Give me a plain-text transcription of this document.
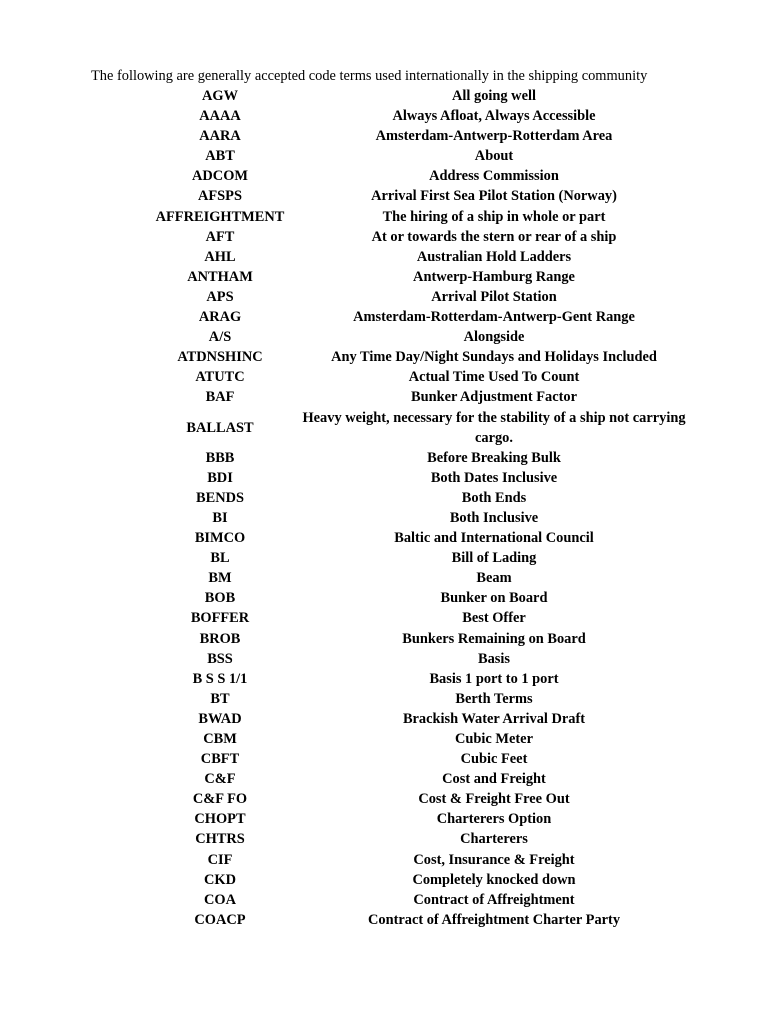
The following are generally accepted code terms used internationally in the shipping community
AGW	All going well
AAAA	Always Afloat, Always Accessible
AARA	Amsterdam-Antwerp-Rotterdam Area
ABT	About
ADCOM	Address Commission
AFSPS	Arrival First Sea Pilot Station (Norway)
AFFREIGHTMENT	The hiring of a ship in whole or part
AFT	At or towards the stern or rear of a ship
AHL	Australian Hold Ladders
ANTHAM	Antwerp-Hamburg Range
APS	Arrival Pilot Station
ARAG	Amsterdam-Rotterdam-Antwerp-Gent Range
A/S	Alongside
ATDNSHINC	Any Time Day/Night Sundays and Holidays Included
ATUTC	Actual Time Used To Count
BAF	Bunker Adjustment Factor
BALLAST	Heavy weight, necessary for the stability of a ship not carrying cargo.
BBB	Before Breaking Bulk
BDI	Both Dates Inclusive
BENDS	Both Ends
BI	Both Inclusive
BIMCO	Baltic and International Council
BL	Bill of Lading
BM	Beam
BOB	Bunker on Board
BOFFER	Best Offer
BROB	Bunkers Remaining on Board
BSS	Basis
B S S 1/1	Basis 1 port to 1 port
BT	Berth Terms
BWAD	Brackish Water Arrival Draft
CBM	Cubic Meter
CBFT	Cubic Feet
C&F	Cost and Freight
C&F FO	Cost & Freight Free Out
CHOPT	Charterers Option
CHTRS	Charterers
CIF	Cost, Insurance & Freight
CKD	Completely knocked down
COA	Contract of Affreightment
COACP	Contract of Affreightment Charter Party
